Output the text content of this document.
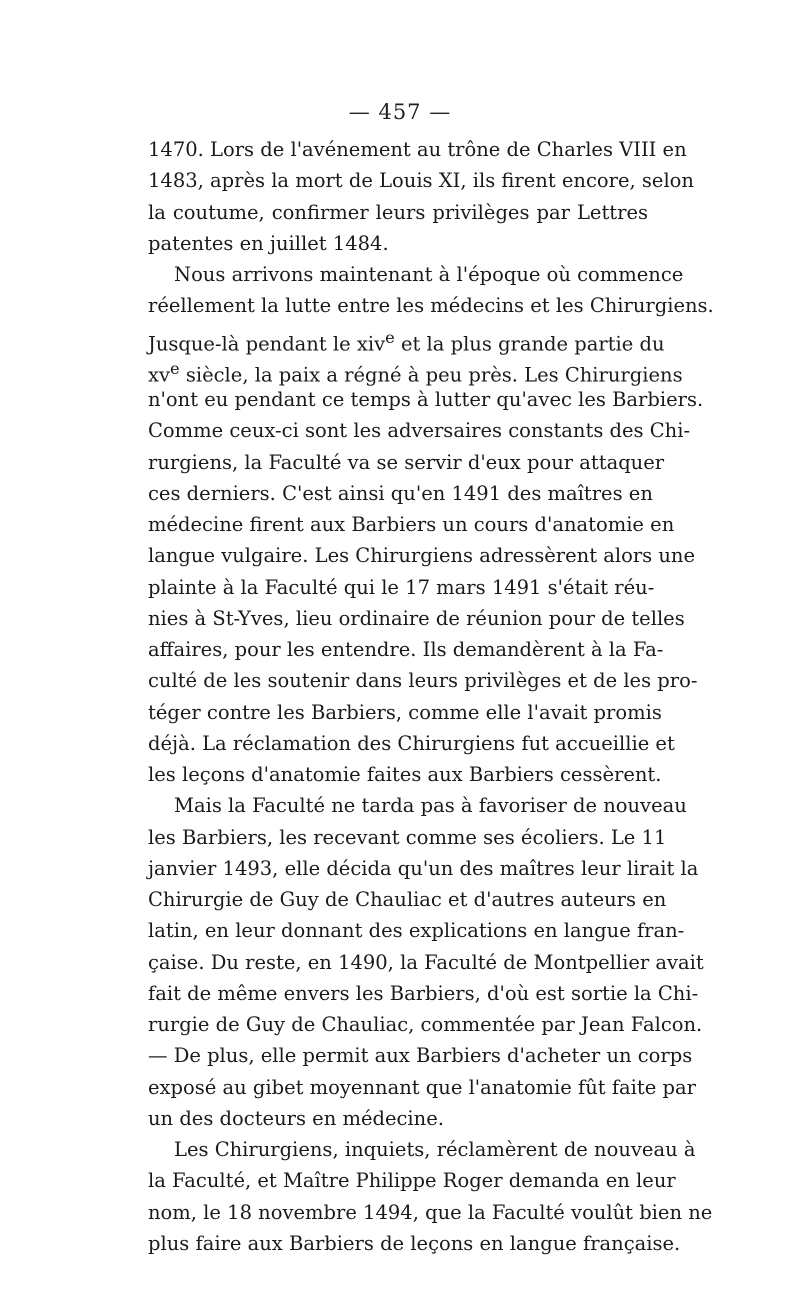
— 457 —
1470. Lors de l'avénement au trône de Charles VIII en
1483, après la mort de Louis XI, ils firent encore, selon
la coutume, confirmer leurs privilèges par Lettres
patentes en juillet 1484.
Nous arrivons maintenant à l'époque où commence
réellement la lutte entre les médecins et les Chirurgiens.
Jusque-là pendant le xiv$^e$ et la plus grande partie du
$xv^e$ siècle, la paix a régné à peu près. Les Chirurgiens
n'ont eu pendant ce temps à lutter qu'avec les Barbiers.
Comme ceux-ci sont les adversaires constants des Chi-
rurgiens, la Faculté va se servir d'eux pour attaquer
ces derniers. C'est ainsi qu'en 1491 des maîtres en
médecine firent aux Barbiers un cours d'anatomie en
langue vulgaire. Les Chirurgiens adressèrent alors une
plainte à la Faculté qui le 17 mars 1491 s'était réu-
nies à St-Yves, lieu ordinaire de réunion pour de telles
affaires, pour les entendre. Ils demandèrent à la Fa-
culté de les soutenir dans leurs privilèges et de les pro-
téger contre les Barbiers, comme elle l'avait promis
déjà. La réclamation des Chirurgiens fut accueillie et
les leçons d'anatomie faites aux Barbiers cessèrent.
Mais la Faculté ne tarda pas à favoriser de nouveau
les Barbiers, les recevant comme ses écoliers. Le 11
janvier 1493, elle décida qu'un des maîtres leur lirait la
Chirurgie de Guy de Chauliac et d'autres auteurs en
latin, en leur donnant des explications en langue fran-
çaise. Du reste, en 1490, la Faculté de Montpellier avait
fait de même envers les Barbiers, d'où est sortie la Chi-
rurgie de Guy de Chauliac, commentée par Jean Falcon.
— De plus, elle permit aux Barbiers d'acheter un corps
exposé au gibet moyennant que l'anatomie fût faite par
un des docteurs en médecine.
Les Chirurgiens, inquiets, réclamèrent de nouveau à
la Faculté, et Maître Philippe Roger demanda en leur
nom, le 18 novembre 1494, que la Faculté voulût bien ne
plus faire aux Barbiers de leçons en langue française.
